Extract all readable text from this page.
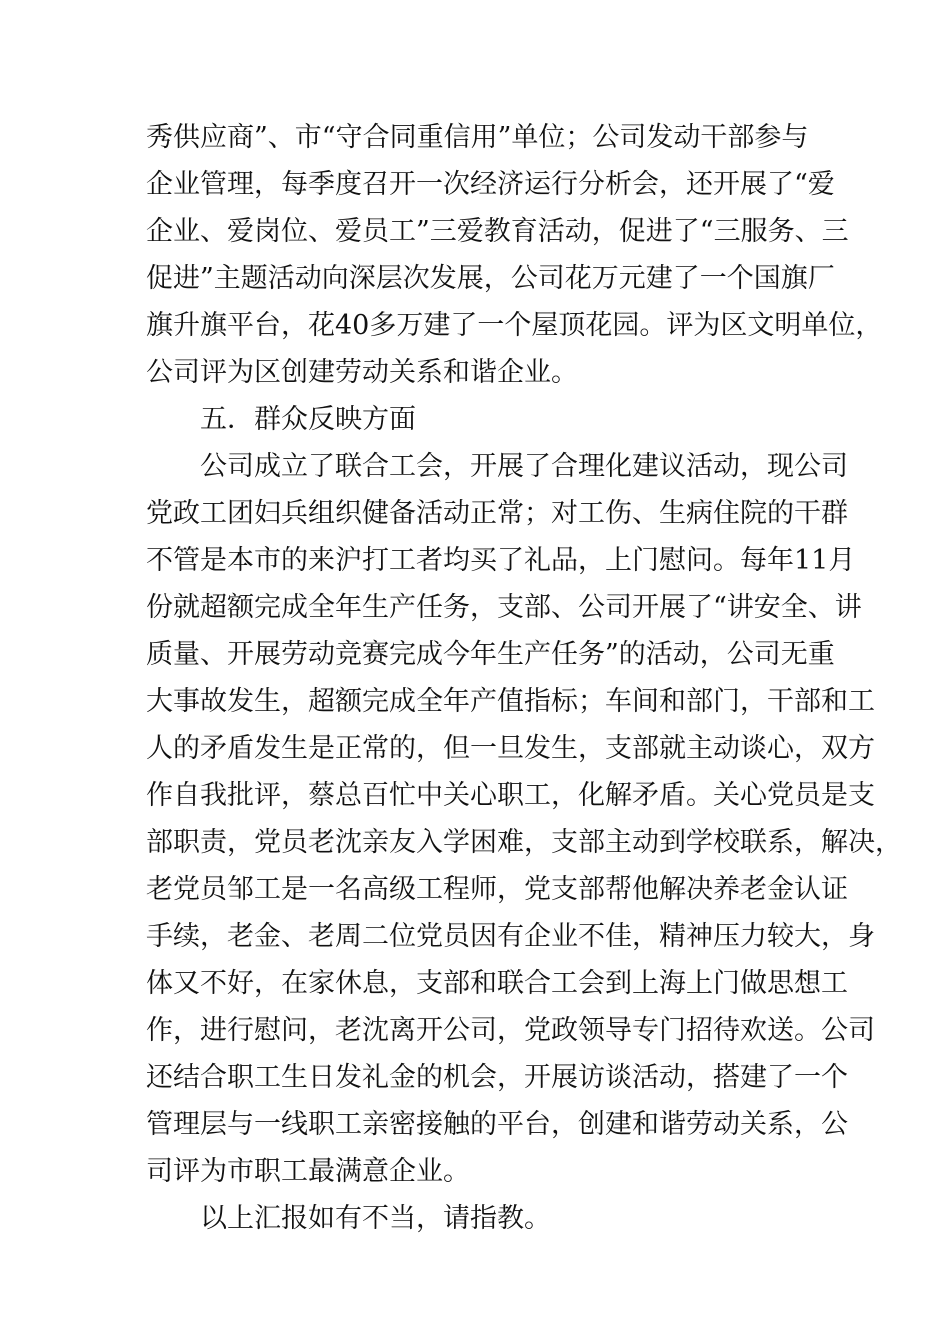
秀供应商”、市“守合同重信用”单位；公司发动干部参与
企业管理，每季度召开一次经济运行分析会，还开展了“爱
企业、爱岗位、爱员工”三爱教育活动，促进了“三服务、三
促进”主题活动向深层次发展，公司花万元建了一个国旗厂
旗升旗平台，花40多万建了一个屋顶花园。评为区文明单位，
公司评为区创建劳动关系和谐企业。
五．群众反映方面
公司成立了联合工会，开展了合理化建议活动，现公司
党政工团妇兵组织健备活动正常；对工伤、生病住院的干群
不管是本市的来沪打工者均买了礼品，上门慰问。每年11月
份就超额完成全年生产任务，支部、公司开展了“讲安全、讲
质量、开展劳动竞赛完成今年生产任务”的活动，公司无重
大事故发生，超额完成全年产值指标；车间和部门，干部和工
人的矛盾发生是正常的，但一旦发生，支部就主动谈心，双方
作自我批评，蔡总百忙中关心职工，化解矛盾。关心党员是支
部职责，党员老沈亲友入学困难，支部主动到学校联系，解决，
老党员邹工是一名高级工程师，党支部帮他解决养老金认证
手续，老金、老周二位党员因有企业不佳，精神压力较大，身
体又不好，在家休息，支部和联合工会到上海上门做思想工
作，进行慰问，老沈离开公司，党政领导专门招待欢送。公司
还结合职工生日发礼金的机会，开展访谈活动，搭建了一个
管理层与一线职工亲密接触的平台，创建和谐劳动关系，公
司评为市职工最满意企业。
以上汇报如有不当，请指教。
